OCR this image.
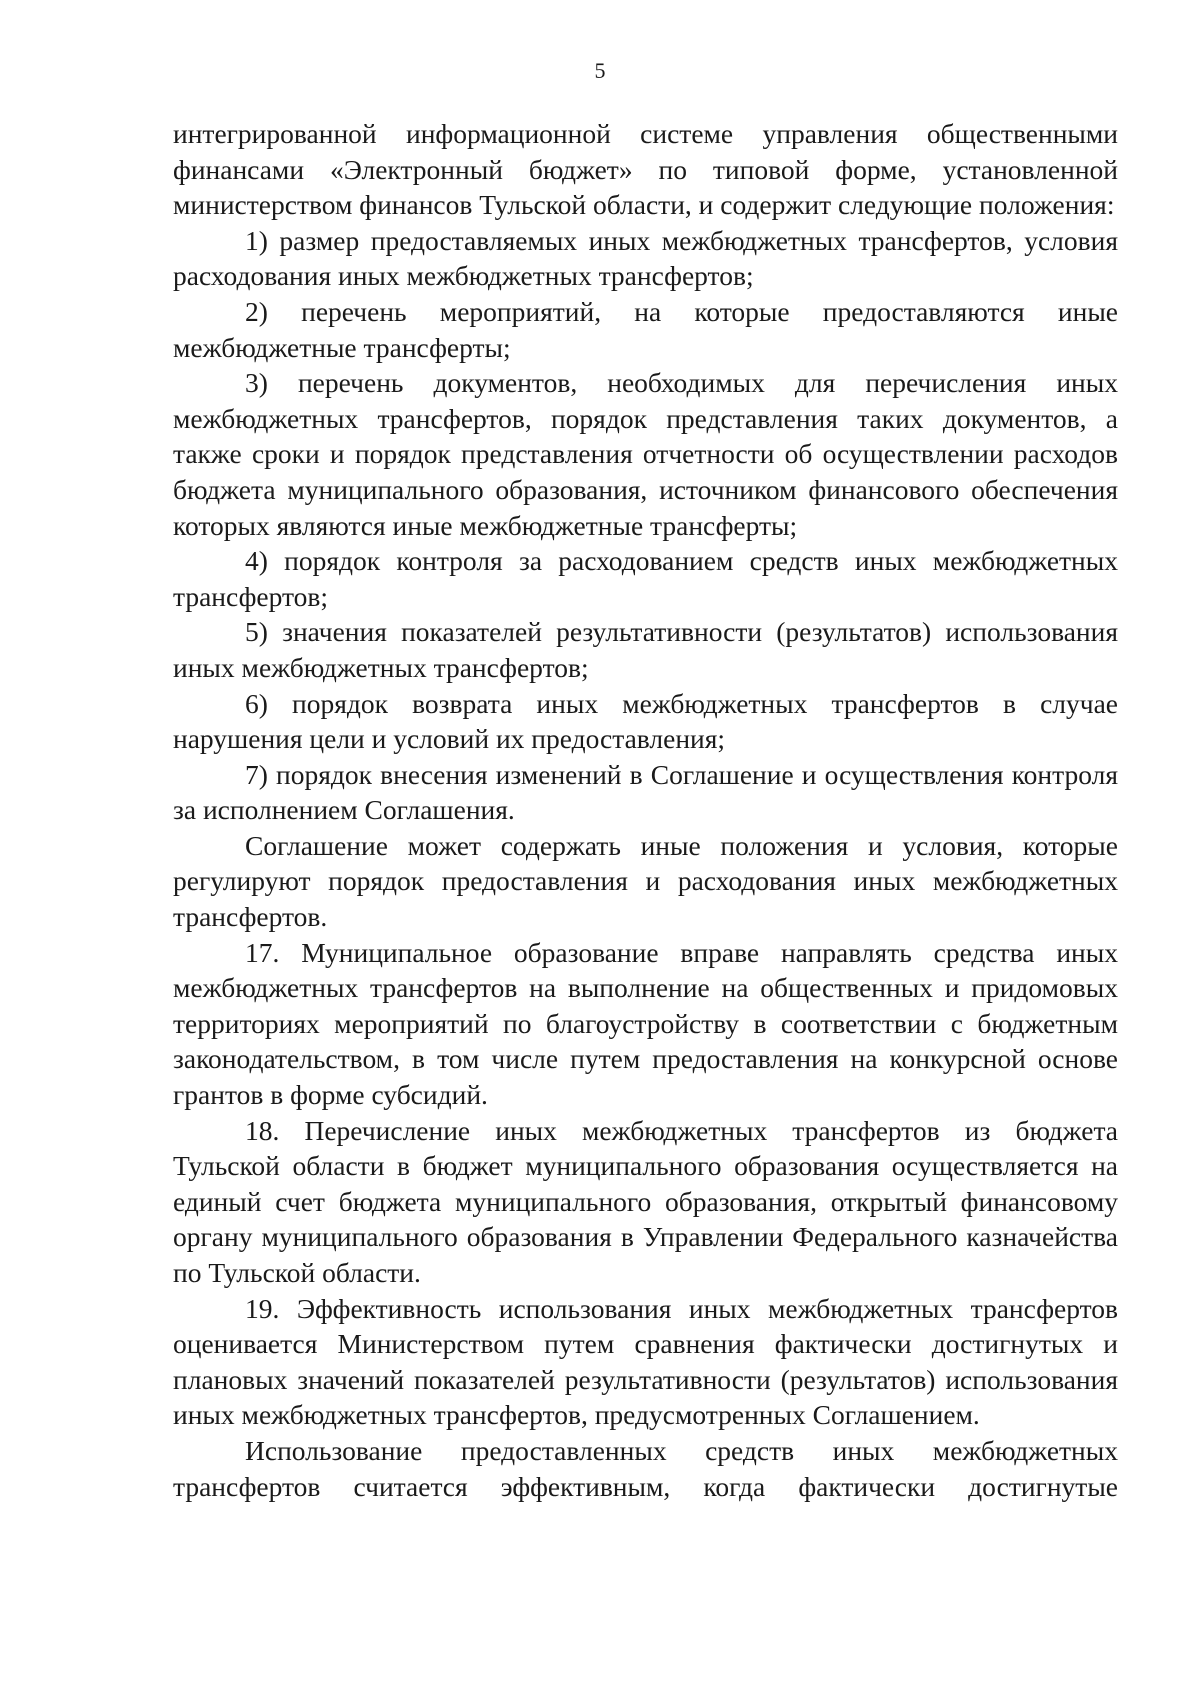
5

интегрированной информационной системе управления общественными финансами «Электронный бюджет» по типовой форме, установленной министерством финансов Тульской области, и содержит следующие положения:

1) размер предоставляемых иных межбюджетных трансфертов, условия расходования иных межбюджетных трансфертов;

2) перечень мероприятий, на которые предоставляются иные межбюджетные трансферты;

3) перечень документов, необходимых для перечисления иных межбюджетных трансфертов, порядок представления таких документов, а также сроки и порядок представления отчетности об осуществлении расходов бюджета муниципального образования, источником финансового обеспечения которых являются иные межбюджетные трансферты;

4) порядок контроля за расходованием средств иных межбюджетных трансфертов;

5) значения показателей результативности (результатов) использования иных межбюджетных трансфертов;

6) порядок возврата иных межбюджетных трансфертов в случае нарушения цели и условий их предоставления;

7) порядок внесения изменений в Соглашение и осуществления контроля за исполнением Соглашения.

Соглашение может содержать иные положения и условия, которые регулируют порядок предоставления и расходования иных межбюджетных трансфертов.

17. Муниципальное образование вправе направлять средства иных межбюджетных трансфертов на выполнение на общественных и придомовых территориях мероприятий по благоустройству в соответствии с бюджетным законодательством, в том числе путем предоставления на конкурсной основе грантов в форме субсидий.

18. Перечисление иных межбюджетных трансфертов из бюджета Тульской области в бюджет муниципального образования осуществляется на единый счет бюджета муниципального образования, открытый финансовому органу муниципального образования в Управлении Федерального казначейства по Тульской области.

19. Эффективность использования иных межбюджетных трансфертов оценивается Министерством путем сравнения фактически достигнутых и плановых значений показателей результативности (результатов) использования иных межбюджетных трансфертов, предусмотренных Соглашением.

Использование предоставленных средств иных межбюджетных трансфертов считается эффективным, когда фактически достигнутые
